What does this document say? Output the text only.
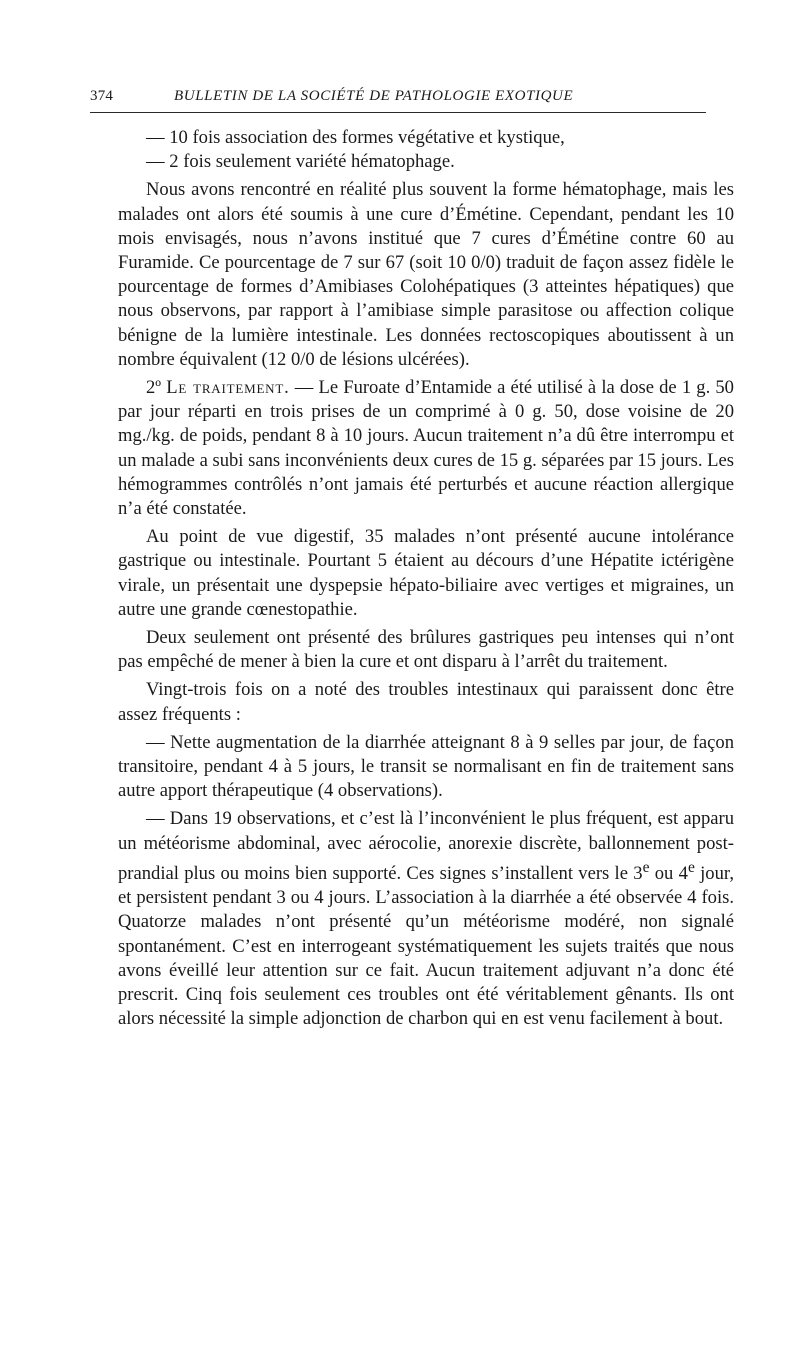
374	BULLETIN DE LA SOCIÉTÉ DE PATHOLOGIE EXOTIQUE

— 10 fois association des formes végétative et kystique,

— 2 fois seulement variété hématophage.

Nous avons rencontré en réalité plus souvent la forme hématophage, mais les malades ont alors été soumis à une cure d’Émétine. Cependant, pendant les 10 mois envisagés, nous n’avons institué que 7 cures d’Émétine contre 60 au Furamide. Ce pourcentage de 7 sur 67 (soit 10 0/0) traduit de façon assez fidèle le pourcentage de formes d’Amibiases Colohépatiques (3 atteintes hépatiques) que nous observons, par rapport à l’amibiase simple parasitose ou affection colique bénigne de la lumière intestinale. Les données rectoscopiques aboutissent à un nombre équivalent (12 0/0 de lésions ulcérées).

2º Le traitement. — Le Furoate d’Entamide a été utilisé à la dose de 1 g. 50 par jour réparti en trois prises de un comprimé à 0 g. 50, dose voisine de 20 mg./kg. de poids, pendant 8 à 10 jours. Aucun traitement n’a dû être interrompu et un malade a subi sans inconvénients deux cures de 15 g. séparées par 15 jours. Les hémogrammes contrôlés n’ont jamais été perturbés et aucune réaction allergique n’a été constatée.

Au point de vue digestif, 35 malades n’ont présenté aucune intolérance gastrique ou intestinale. Pourtant 5 étaient au décours d’une Hépatite ictérigène virale, un présentait une dyspepsie hépato-biliaire avec vertiges et migraines, un autre une grande cœnestopathie.

Deux seulement ont présenté des brûlures gastriques peu intenses qui n’ont pas empêché de mener à bien la cure et ont disparu à l’arrêt du traitement.

Vingt-trois fois on a noté des troubles intestinaux qui paraissent donc être assez fréquents :

— Nette augmentation de la diarrhée atteignant 8 à 9 selles par jour, de façon transitoire, pendant 4 à 5 jours, le transit se normalisant en fin de traitement sans autre apport thérapeutique (4 observations).

— Dans 19 observations, et c’est là l’inconvénient le plus fréquent, est apparu un météorisme abdominal, avec aérocolie, anorexie discrète, ballonnement post-prandial plus ou moins bien supporté. Ces signes s’installent vers le 3e ou 4e jour, et persistent pendant 3 ou 4 jours. L’association à la diarrhée a été observée 4 fois. Quatorze malades n’ont présenté qu’un météorisme modéré, non signalé spontanément. C’est en interrogeant systématiquement les sujets traités que nous avons éveillé leur attention sur ce fait. Aucun traitement adjuvant n’a donc été prescrit. Cinq fois seulement ces troubles ont été véritablement gênants. Ils ont alors nécessité la simple adjonction de charbon qui en est venu facilement à bout.
